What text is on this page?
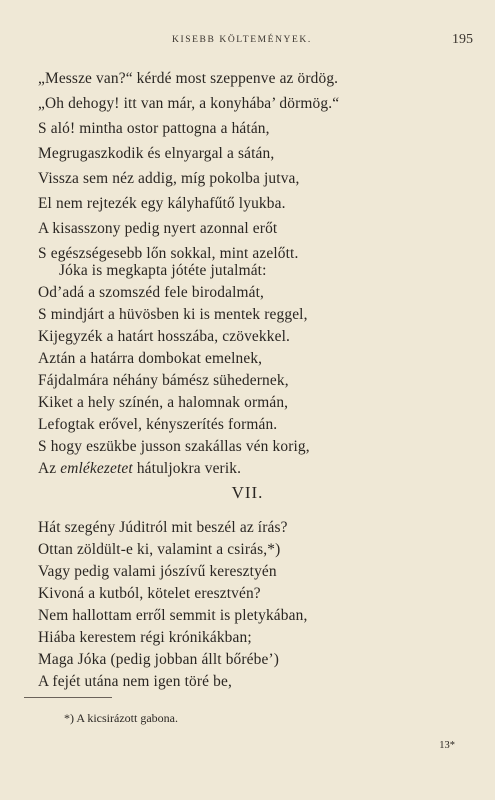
KISEBB KÖLTEMÉNYEK.	195
„Messze van?“ kérdé most szeppenve az ördög.
„Oh dehogy! itt van már, a konyhába’ dörmög.“
S aló! mintha ostor pattogna a hátán,
Megrugaszkodik és elnyargal a sátán,
Vissza sem néz addig, míg pokolba jutva,
El nem rejtezék egy kályhafűtő lyukba.
A kisasszony pedig nyert azonnal erőt
S egészségesebb lőn sokkal, mint azelőtt.
Jóka is megkapta jótéte jutalmát:
Od’adá a szomszéd fele birodalmát,
S mindjárt a hüvösben ki is mentek reggel,
Kijegyzék a határt hosszába, czövekkel.
Aztán a határra dombokat emelnek,
Fájdalmára néhány bámész sühedernek,
Kiket a hely színén, a halomnak ormán,
Lefogtak erővel, kényszerítés formán.
S hogy eszükbe jusson szakállas vén korig,
Az emlékezetet hátuljokra verik.
VII.
Hát szegény Júditról mit beszél az írás?
Ottan zöldült-e ki, valamint a csirás,*)
Vagy pedig valami jószívű keresztyén
Kivoná a kutból, kötelet eresztvén?
Nem hallottam erről semmit is pletykában,
Hiába kerestem régi krónikákban;
Maga Jóka (pedig jobban állt bőrébe’)
A fejét utána nem igen töré be,
*) A kicsirázott gabona.
13*
